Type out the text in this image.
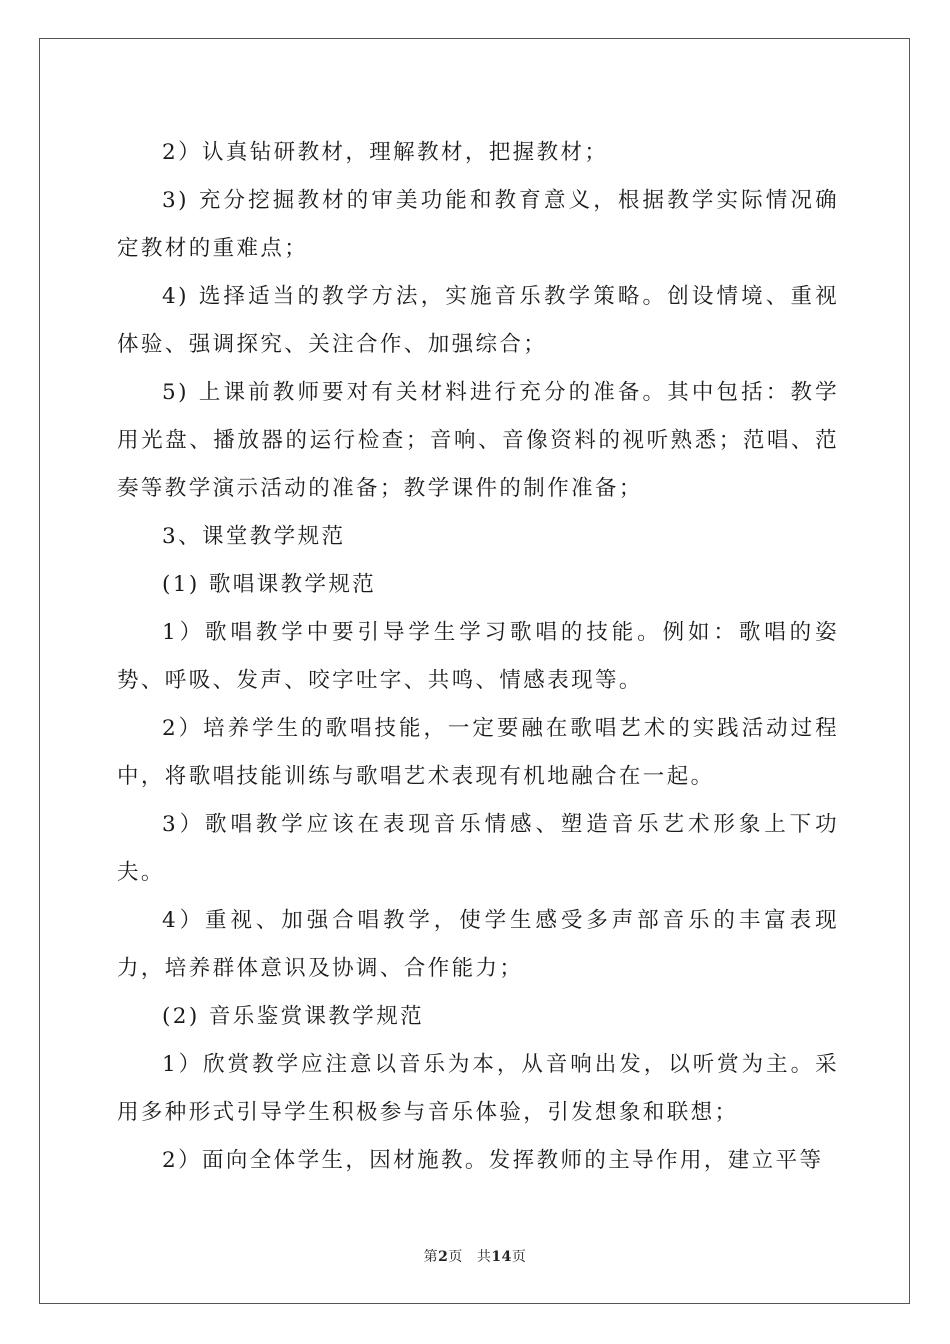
2）认真钻研教材，理解教材，把握教材；

3) 充分挖掘教材的审美功能和教育意义，根据教学实际情况确定教材的重难点；

4) 选择适当的教学方法，实施音乐教学策略。创设情境、重视体验、强调探究、关注合作、加强综合；

5) 上课前教师要对有关材料进行充分的准备。其中包括：教学用光盘、播放器的运行检查；音响、音像资料的视听熟悉；范唱、范奏等教学演示活动的准备；教学课件的制作准备；

3、课堂教学规范

(1) 歌唱课教学规范

1）歌唱教学中要引导学生学习歌唱的技能。例如：歌唱的姿势、呼吸、发声、咬字吐字、共鸣、情感表现等。

2）培养学生的歌唱技能，一定要融在歌唱艺术的实践活动过程中，将歌唱技能训练与歌唱艺术表现有机地融合在一起。

3）歌唱教学应该在表现音乐情感、塑造音乐艺术形象上下功夫。

4）重视、加强合唱教学，使学生感受多声部音乐的丰富表现力，培养群体意识及协调、合作能力；

(2) 音乐鉴赏课教学规范

1）欣赏教学应注意以音乐为本，从音响出发，以听赏为主。采用多种形式引导学生积极参与音乐体验，引发想象和联想；

2）面向全体学生，因材施教。发挥教师的主导作用，建立平等

第2页 共14页
